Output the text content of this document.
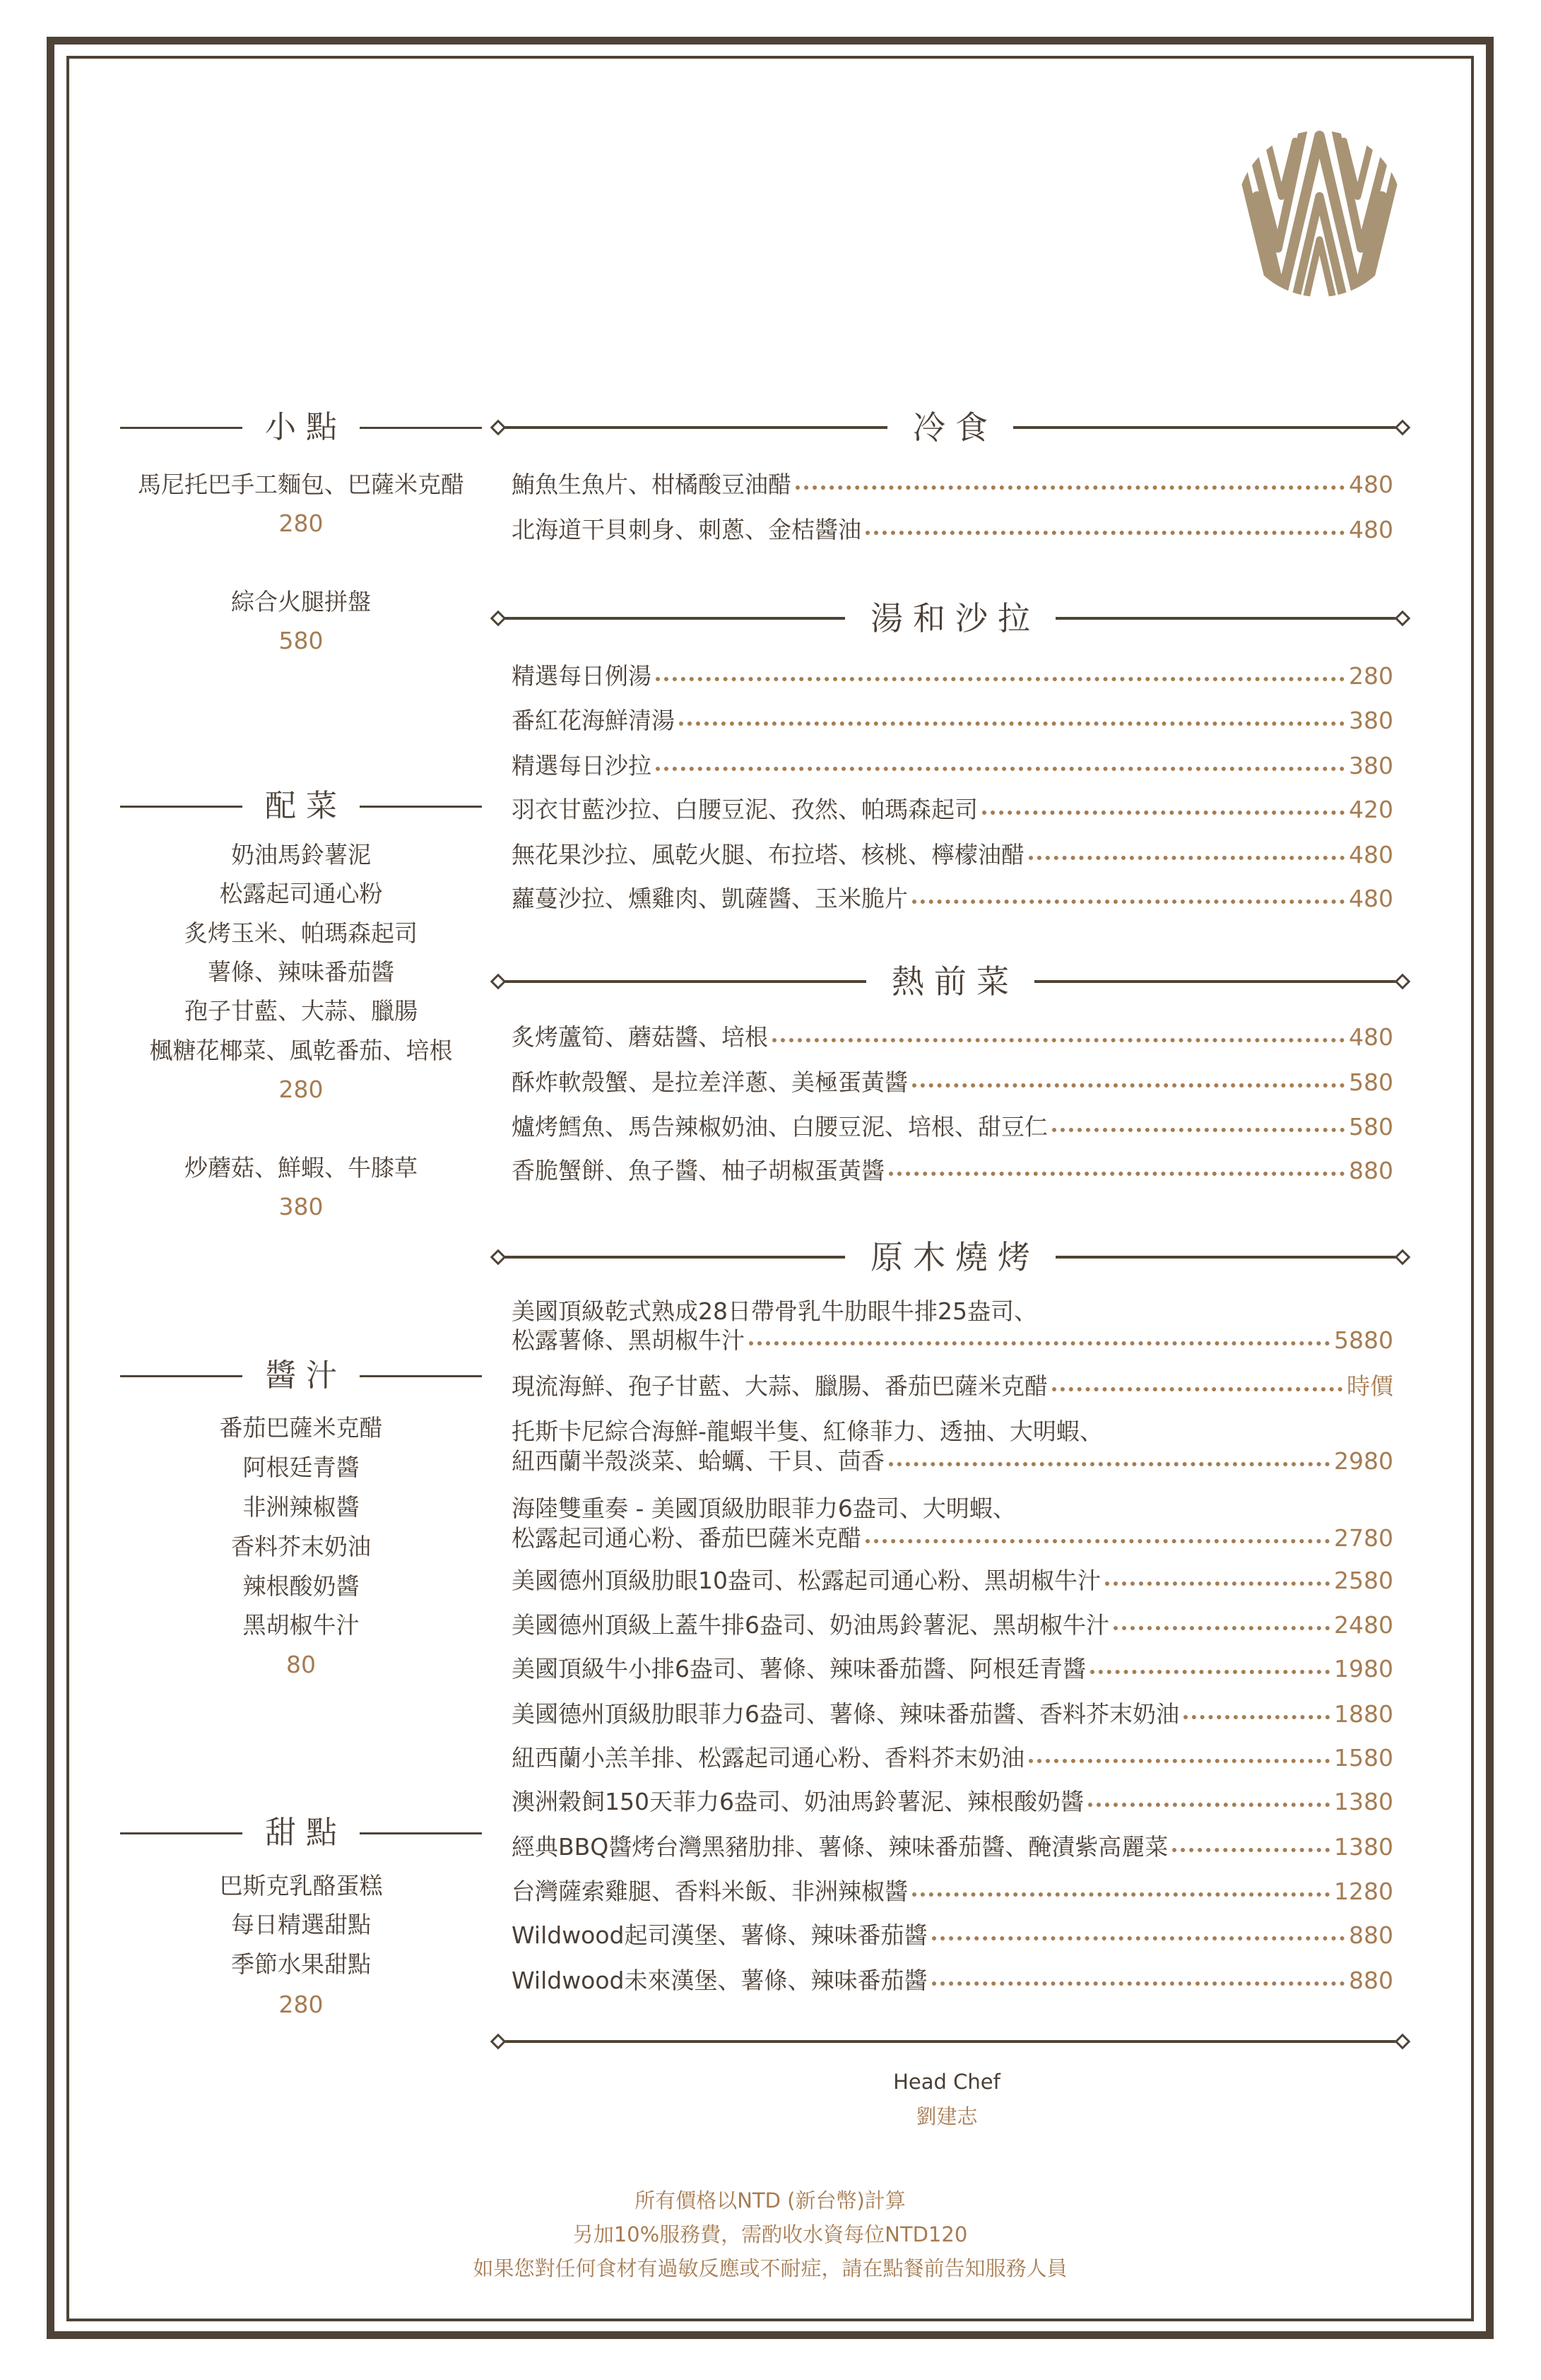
小點
馬尼托巴手工麵包、巴薩米克醋
280
綜合火腿拼盤
580
配菜
奶油馬鈴薯泥
松露起司通心粉
炙烤玉米、帕瑪森起司
薯條、辣味番茄醬
孢子甘藍、大蒜、臘腸
楓糖花椰菜、風乾番茄、培根
280
炒蘑菇、鮮蝦、牛膝草
380
醬汁
番茄巴薩米克醋
阿根廷青醬
非洲辣椒醬
香料芥末奶油
辣根酸奶醬
黑胡椒牛汁
80
甜點
巴斯克乳酪蛋糕
每日精選甜點
季節水果甜點
280
冷食
鮪魚生魚片、柑橘酸豆油醋	480
北海道干貝刺身、刺蔥、金桔醬油	480
湯和沙拉
精選每日例湯	280
番紅花海鮮清湯	380
精選每日沙拉	380
羽衣甘藍沙拉、白腰豆泥、孜然、帕瑪森起司	420
無花果沙拉、風乾火腿、布拉塔、核桃、檸檬油醋	480
蘿蔓沙拉、燻雞肉、凱薩醬、玉米脆片	480
熱前菜
炙烤蘆筍、蘑菇醬、培根	480
酥炸軟殼蟹、是拉差洋蔥、美極蛋黃醬	580
爐烤鱈魚、馬告辣椒奶油、白腰豆泥、培根、甜豆仁	580
香脆蟹餅、魚子醬、柚子胡椒蛋黃醬	880
原木燒烤
美國頂級乾式熟成28日帶骨乳牛肋眼牛排25盎司、
松露薯條、黑胡椒牛汁	5880
現流海鮮、孢子甘藍、大蒜、臘腸、番茄巴薩米克醋	時價
托斯卡尼綜合海鮮-龍蝦半隻、紅條菲力、透抽、大明蝦、
紐西蘭半殼淡菜、蛤蠣、干貝、茴香	2980
海陸雙重奏 - 美國頂級肋眼菲力6盎司、大明蝦、
松露起司通心粉、番茄巴薩米克醋	2780
美國德州頂級肋眼10盎司、松露起司通心粉、黑胡椒牛汁	2580
美國德州頂級上蓋牛排6盎司、奶油馬鈴薯泥、黑胡椒牛汁	2480
美國頂級牛小排6盎司、薯條、辣味番茄醬、阿根廷青醬	1980
美國德州頂級肋眼菲力6盎司、薯條、辣味番茄醬、香料芥末奶油	1880
紐西蘭小羔羊排、松露起司通心粉、香料芥末奶油	1580
澳洲穀飼150天菲力6盎司、奶油馬鈴薯泥、辣根酸奶醬	1380
經典BBQ醬烤台灣黑豬肋排、薯條、辣味番茄醬、醃漬紫高麗菜	1380
台灣薩索雞腿、香料米飯、非洲辣椒醬	1280
Wildwood起司漢堡、薯條、辣味番茄醬	880
Wildwood未來漢堡、薯條、辣味番茄醬	880
Head Chef
劉建志
所有價格以NTD (新台幣)計算
另加10%服務費，需酌收水資每位NTD120
如果您對任何食材有過敏反應或不耐症，請在點餐前告知服務人員
